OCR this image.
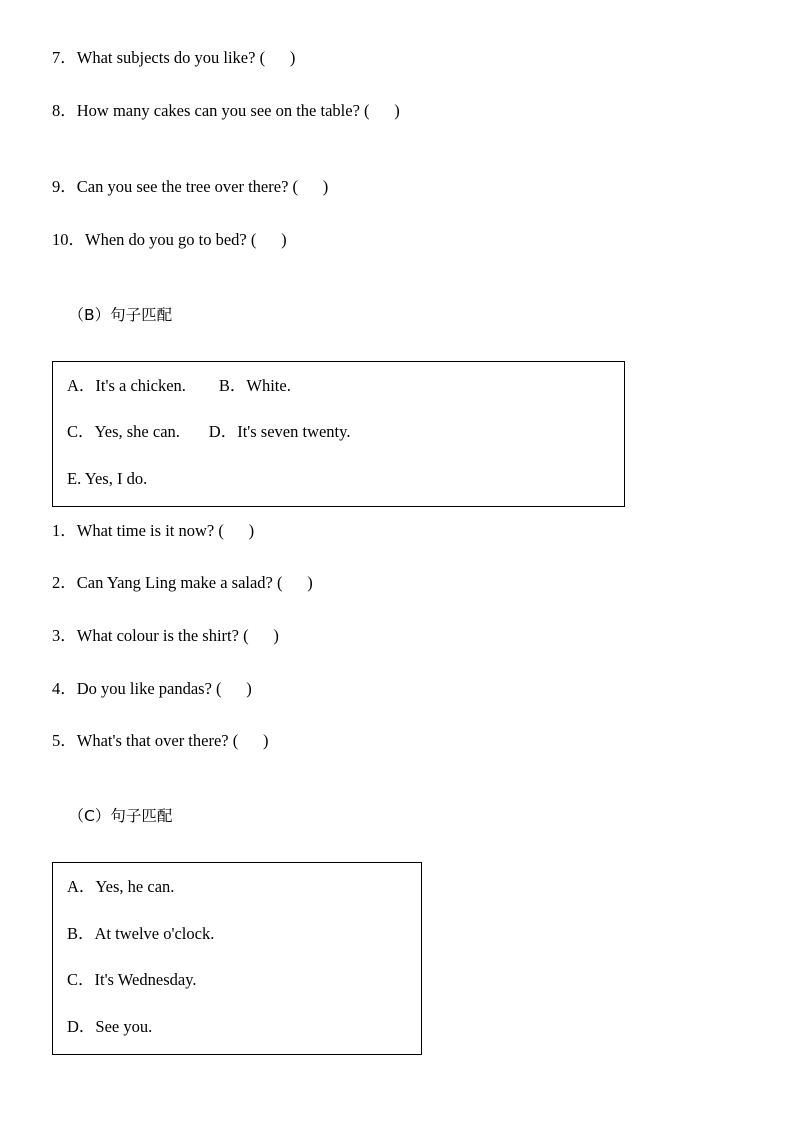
7．What subjects do you like? (      )
8．How many cakes can you see on the table? (      )
9．Can you see the tree over there? (      )
10．When do you go to bed? (      )

（B）句子匹配

A．It's a chicken.        B．White.
C．Yes, she can.       D．It's seven twenty.
E. Yes, I do.
1．What time is it now? (      )
2．Can Yang Ling make a salad? (      )
3．What colour is the shirt? (      )
4．Do you like pandas? (      )
5．What's that over there? (      )

（C）句子匹配

A．Yes, he can.
B．At twelve o'clock.
C．It's Wednesday.
D．See you.
